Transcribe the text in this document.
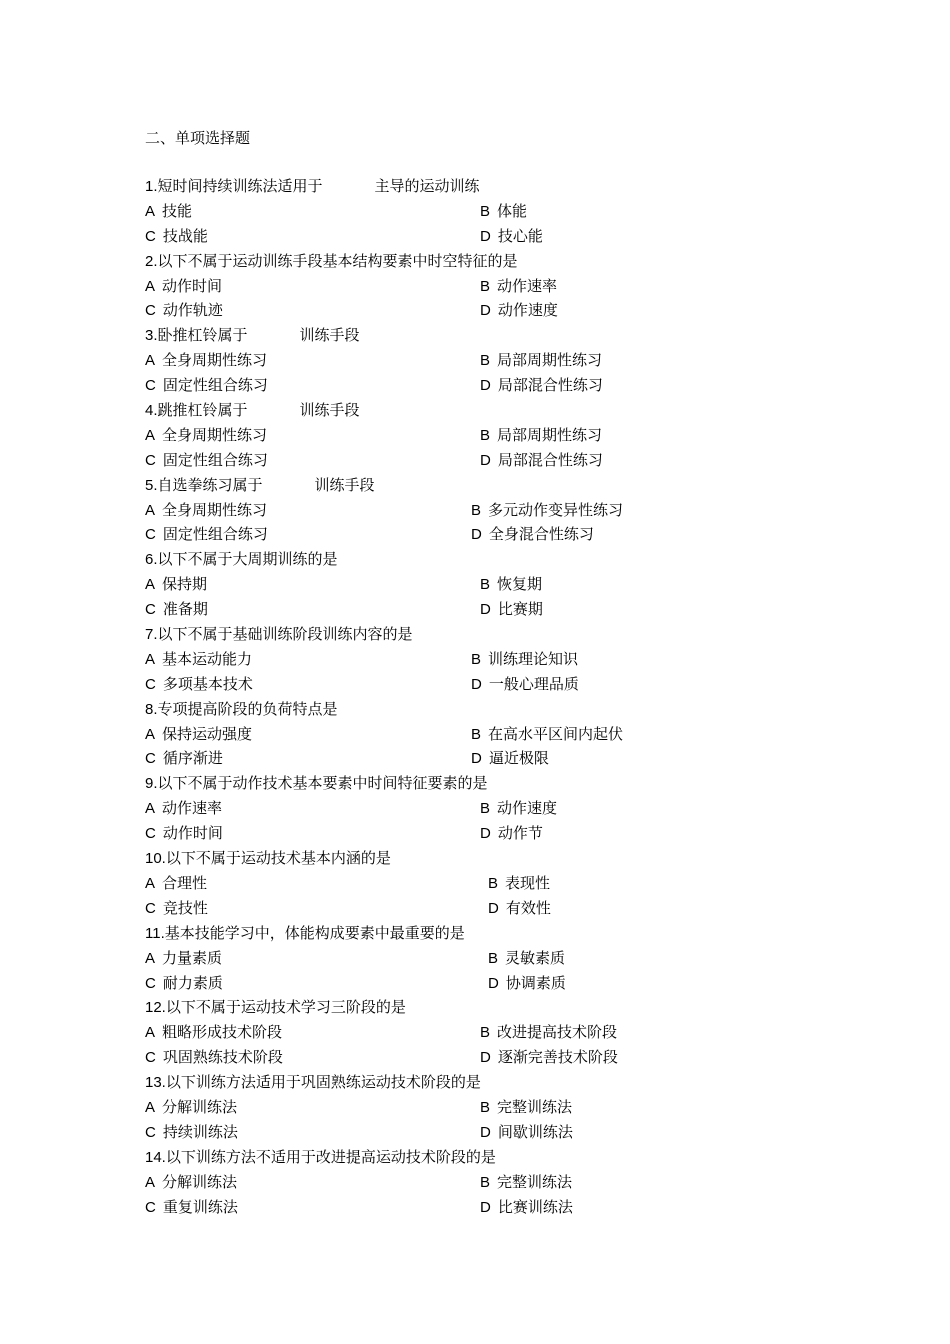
二、单项选择题
1.短时间持续训练法适用于	主导的运动训练
A 技能	B 体能
C 技战能	D 技心能
2.以下不属于运动训练手段基本结构要素中时空特征的是
A 动作时间	B 动作速率
C 动作轨迹	D 动作速度
3.卧推杠铃属于	训练手段
A 全身周期性练习	B 局部周期性练习
C 固定性组合练习	D 局部混合性练习
4.跳推杠铃属于	训练手段
A 全身周期性练习	B 局部周期性练习
C 固定性组合练习	D 局部混合性练习
5.自选拳练习属于	训练手段
A 全身周期性练习	B 多元动作变异性练习
C 固定性组合练习	D 全身混合性练习
6.以下不属于大周期训练的是
A 保持期	B 恢复期
C 准备期	D 比赛期
7.以下不属于基础训练阶段训练内容的是
A 基本运动能力	B 训练理论知识
C 多项基本技术	D 一般心理品质
8.专项提高阶段的负荷特点是
A 保持运动强度	B 在高水平区间内起伏
C 循序渐进	D 逼近极限
9.以下不属于动作技术基本要素中时间特征要素的是
A 动作速率	B 动作速度
C 动作时间	D 动作节
10.以下不属于运动技术基本内涵的是
A 合理性	B 表现性
C 竞技性	D 有效性
11.基本技能学习中，体能构成要素中最重要的是
A 力量素质	B 灵敏素质
C 耐力素质	D 协调素质
12.以下不属于运动技术学习三阶段的是
A 粗略形成技术阶段	B 改进提高技术阶段
C 巩固熟练技术阶段	D 逐渐完善技术阶段
13.以下训练方法适用于巩固熟练运动技术阶段的是
A 分解训练法	B 完整训练法
C 持续训练法	D 间歇训练法
14.以下训练方法不适用于改进提高运动技术阶段的是
A 分解训练法	B 完整训练法
C 重复训练法	D 比赛训练法
